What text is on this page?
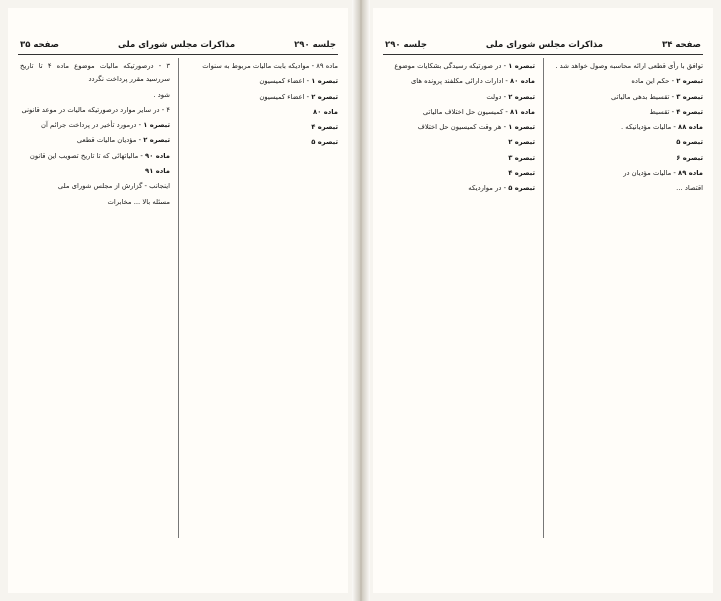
جلسه ۲۹۰
مذاکرات مجلس شورای ملی
صفحه ۳۵

۳ - درصورتیکه مالیات موضوع ماده ۴ تا تاریخ سررسید مقرر پرداخت نگردد

شود .

۴ - در سایر موارد درصورتیکه مالیات در موعد قانونی

تبصره ۱ - درمورد تأخیر در پرداخت جرائم آن

تبصره ۲ - مؤدیان مالیات قطعی

ماده ۹۰ - مالیاتهائی که تا تاریخ تصویب این قانون

ماده ۹۱

اینجانب - گزارش از مجلس شورای ملی

مسئله بالا ... مخابرات

ماده ۸۹ - موادیکه بابت مالیات مربوط به سنوات

تبصره ۱ - اعضاء کمیسیون

تبصره ۲ - اعضاء کمیسیون

ماده ۸۰

تبصره ۴

تبصره ۵

صفحه ۳۴
مذاکرات مجلس شورای ملی
جلسه ۲۹۰

توافق با رأی قطعی ارائه محاسبه وصول خواهد شد .

تبصره ۲ - حکم این ماده

تبصره ۳ - تقسیط بدهی مالیاتی

تبصره ۴ - تقسیط

ماده ۸۸ - مالیات مؤدیانیکه .

تبصره ۵

تبصره ۶

ماده ۸۹ - مالیات مؤدیان در

اقتصاد ...

تبصره ۱ - در صورتیکه رسیدگی بشکایات موضوع

ماده ۸۰ - ادارات دارائی مکلفند پرونده های

تبصره ۲ - دولت

ماده ۸۱ - کمیسیون حل اختلاف مالیاتی

تبصره ۱ - هر وقت کمیسیون حل اختلاف

تبصره ۲

تبصره ۳

تبصره ۴

تبصره ۵ - در مواردیکه
